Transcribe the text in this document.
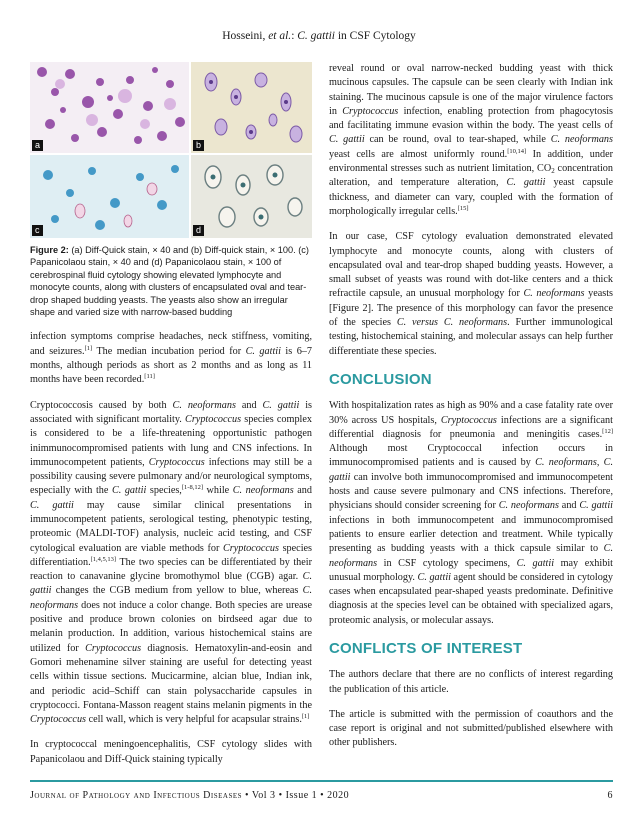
Hosseini, et al.: C. gattii in CSF Cytology
a	b
c	d
Figure 2: (a) Diff-Quick stain, × 40 and (b) Diff-quick stain, × 100. (c) Papanicolaou stain, × 40 and (d) Papanicolaou stain, × 100 of cerebrospinal fluid cytology showing elevated lymphocyte and monocyte counts, along with clusters of encapsulated oval and tear-drop shaped budding yeasts. The yeasts also show an irregular shape and varied size with narrow-based budding

infection symptoms comprise headaches, neck stiffness, vomiting, and seizures.[1] The median incubation period for C. gattii is 6–7 months, although periods as short as 2 months and as long as 11 months have been recorded.[11]

Cryptococcosis caused by both C. neoformans and C. gattii is associated with significant mortality. Cryptococcus species complex is considered to be a life-threatening opportunistic pathogen inimmunocompromised patients with lung and CNS infections. In immunocompetent patients, Cryptococcus infections may still be a possibility causing severe pulmonary and/or neurological symptoms, especially with the C. gattii species,[1-8,12] while C. neoformans and C. gattii may cause similar clinical presentations in immunocompetent patients, serological testing, phenotypic testing, proteomic (MALDI-TOF) analysis, nucleic acid testing, and CSF cytological evaluation are viable methods for Cryptococcus species differentiation.[1,4,5,13] The two species can be differentiated by their reaction to canavanine glycine bromothymol blue (CGB) agar. C. gattii changes the CGB medium from yellow to blue, whereas C. neoformans does not induce a color change. Both species are urease positive and produce brown colonies on birdseed agar due to melanin production. In addition, various histochemical stains are utilized for Cryptococcus diagnosis. Hematoxylin-and-eosin and Gomori mehenamine silver staining are useful for detecting yeast cells within tissue sections. Mucicarmine, alcian blue, Indian ink, and periodic acid–Schiff can stain polysaccharide capsules in cryptococci. Fontana-Masson reagent stains melanin pigments in the Cryptococcus cell wall, which is very helpful for acapsular strains.[1]

In cryptococcal meningoencephalitis, CSF cytology slides with Papanicolaou and Diff-Quick staining typically

reveal round or oval narrow-necked budding yeast with thick mucinous capsules. The capsule can be seen clearly with Indian ink staining. The mucinous capsule is one of the major virulence factors in Cryptococcus infection, enabling protection from phagocytosis and facilitating immune evasion within the body. The yeast cells of C. gattii can be round, oval to tear-shaped, while C. neoformans yeast cells are almost uniformly round.[10,14] In addition, under environmental stresses such as nutrient limitation, $CO_2$ concentration alteration, and temperature alteration, C. gattii yeast capsule thickness, and diameter can vary, coupled with the formation of morphologically irregular cells.[15]

In our case, CSF cytology evaluation demonstrated elevated lymphocyte and monocyte counts, along with clusters of encapsulated oval and tear-drop shaped budding yeasts. However, a small subset of yeasts was round with dot-like centers and a thick refractile capsule, an unusual morphology for C. neoformans yeasts [Figure 2]. The presence of this morphology can favor the presence of the species C. versus C. neoformans. Further immunological testing, histochemical staining, and molecular assays can help further differentiate these species.

CONCLUSION

With hospitalization rates as high as 90% and a case fatality rate over 30% across US hospitals, Cryptococcus infections are a significant differential diagnosis for pneumonia and meningitis cases.[12] Although most Cryptococcal infection occurs in immunocompromised patients and is caused by C. neoformans, C. gattii can involve both immunocompromised and immunocompetent hosts and cause severe pulmonary and CNS infections. Therefore, physicians should consider screening for C. neoformans and C. gattii infections in both immunocompetent and immunocompromised patients to ensure earlier detection and treatment. While typically presenting as budding yeasts with a thick capsule similar to C. neoformans in CSF cytology specimens, C. gattii may exhibit unusual morphology. C. gattii agent should be considered in cytology cases when encapsulated pear-shaped yeasts predominate. Definitive diagnosis at the species level can be obtained with specialized agars, proteomic analysis, or molecular assays.

CONFLICTS OF INTEREST

The authors declare that there are no conflicts of interest regarding the publication of this article.

The article is submitted with the permission of coauthors and the case report is original and not submitted/published elsewhere with other publishers.

Journal of Pathology and Infectious Diseases • Vol 3 • Issue 1 • 2020	6
